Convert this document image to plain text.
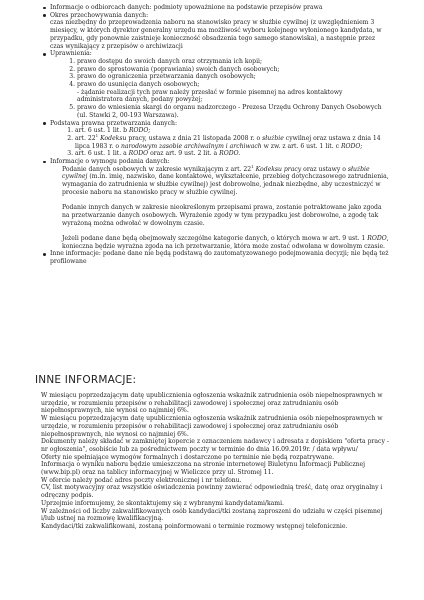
Informacje o odbiorcach danych: podmioty upoważnione na podstawie przepisów prawa
Okres przechowywania danych:
czas niezbędny do przeprowadzenia naboru na stanowisko pracy w służbie cywilnej (z uwzględnieniem 3 miesięcy, w których dyrektor generalny urzędu ma możliwość wyboru kolejnego wyłonionego kandydata, w przypadku, gdy ponownie zaistnieje konieczność obsadzenia tego samego stanowiska), a następnie przez czas wynikający z przepisów o archiwizacji
Uprawnienia:
1. prawo dostępu do swoich danych oraz otrzymania ich kopii;
2. prawo do sprostowania (poprawiania) swoich danych osobowych;
3. prawo do ograniczenia przetwarzania danych osobowych;
4. prawo do usunięcia danych osobowych;
- żądanie realizacji tych praw należy przesłać w formie pisemnej na adres kontaktowy administratora danych, podany powyżej;
5. prawo do wniesienia skargi do organu nadzorczego - Prezesa Urzędu Ochrony Danych Osobowych (ul. Stawki 2, 00-193 Warszawa).
Podstawa prawna przetwarzania danych:
1. art. 6 ust. 1 lit. b RODO;
2. art. $22^1$ Kodeksu pracy, ustawa z dnia 21 listopada 2008 r. o służbie cywilnej oraz ustawa z dnia 14 lipca 1983 r. o narodowym zasobie archiwalnym i archiwach w zw. z art. 6 ust. 1 lit. c RODO;
3. art. 6 ust. 1 lit. a RODO oraz art. 9 ust. 2 lit. a RODO.
Informacje o wymogu podania danych:
Podanie danych osobowych w zakresie wynikającym z art. $22^1$ Kodeksu pracy oraz ustawy o służbie cywilnej (m.in. imię, nazwisko, dane kontaktowe, wykształcenie, przebieg dotychczasowego zatrudnienia, wymagania do zatrudnienia w służbie cywilnej) jest dobrowolne, jednak niezbędne, aby uczestniczyć w procesie naboru na stanowisko pracy w służbie cywilnej.
Podanie innych danych w zakresie nieokreślonym przepisami prawa, zostanie potraktowane jako zgoda na przetwarzanie danych osobowych. Wyrażenie zgody w tym przypadku jest dobrowolne, a zgodę tak wyrażoną można odwołać w dowolnym czasie.
Jeżeli podane dane będą obejmowały szczególne kategorie danych, o których mowa w art. 9 ust. 1 RODO, konieczna będzie wyrażna zgoda na ich przetwarzanie, która może zostać odwołana w dowolnym czasie.
Inne informacje: podane dane nie będą podstawą do zautomatyzowanego podejmowania decyzji; nie będą też profilowane
INNE INFORMACJE:
W miesiącu poprzedzającym datę upublicznienia ogłoszenia wskaźnik zatrudnienia osób niepełnosprawnych w urzędzie, w rozumieniu przepisów o rehabilitacji zawodowej i społecznej oraz zatrudnianiu osób niepełnosprawnych, nie wynosi co najmniej 6%.
W miesiącu poprzedzającym datę upublicznienia ogłoszenia wskaźnik zatrudnienia osób niepełnosprawnych w urzędzie, w rozumieniu przepisów o rehabilitacji zawodowej i społecznej oraz zatrudnianiu osób niepełnosprawnych, nie wynosi co najmniej 6%.
Dokumenty należy składać w zamkniętej kopercie z oznaczeniem nadawcy i adresata z dopiskiem "oferta pracy - nr ogłoszenia", osobiście lub za pośrednictwem poczty w terminie do dnia 16.09.2019r. / data wpływu/
Oferty nie spełniające wymogów formalnych i dostarczone po terminie nie będą rozpatrywane.
Informacja o wyniku naboru będzie umieszczona na stronie internetowej Biuletynu Informacji Publicznej (www.bip.pl) oraz na tablicy informacyjnej w Wieliczce przy ul. Stromej 11.
W ofercie należy podać adres poczty elektronicznej i nr telefonu.
CV, list motywacyjny oraz wszystkie oświadczenia powinny zawierać odpowiednią treść, datę oraz oryginalny i odręczny podpis.
Uprzejmie informujemy, że skontaktujemy się z wybranymi kandydatami/kami.
W zależności od liczby zakwalifikowanych osób kandydaci/tki zostaną zaproszeni do udziału w części pisemnej i/lub ustnej na rozmowę kwalifikacyjną.
Kandydaci/tki zakwalifikowani, zostaną poinformowani o terminie rozmowy wstępnej telefonicznie.
